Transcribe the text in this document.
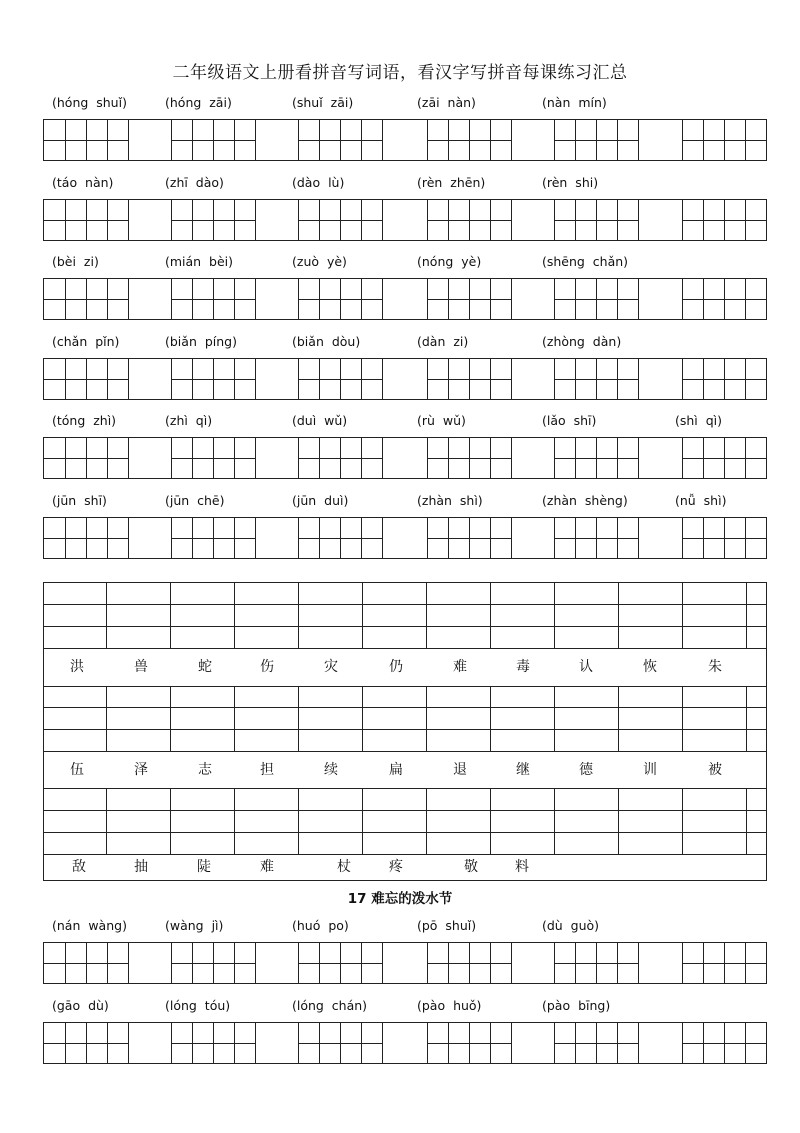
二年级语文上册看拼音写词语，看汉字写拼音每课练习汇总
(hóng  shuǐ)	(hóng  zāi)	(shuǐ  zāi)	(zāi  nàn)	(nàn  mín)
(táo  nàn)	(zhī  dào)	(dào  lù)	(rèn  zhēn)	(rèn  shi)
(bèi  zi)	(mián  bèi)	(zuò  yè)	(nóng  yè)	(shēng  chǎn)
(chǎn  pǐn)	(biǎn  píng)	(biǎn  dòu)	(dàn  zi)	(zhòng  dàn)
(tóng  zhì)	(zhì  qì)	(duì  wǔ)	(rù  wǔ)	(lǎo  shī)	(shì  qì)
(jūn  shī)	(jūn  chē)	(jūn  duì)	(zhàn  shì)	(zhàn  shèng)	(nǚ  shì)
洪	兽	蛇	伤	灾	仍	难	毒	认	恢	朱
伍	泽	志	担	续	扁	退	继	德	训	被
敌	抽	陡	难	杖	疼	敬	料
17 难忘的泼水节
(nán  wàng)	(wàng  jì)	(huó  po)	(pō  shuǐ)	(dù  guò)
(gāo  dù)	(lóng  tóu)	(lóng  chán)	(pào  huǒ)	(pào  bīng)
